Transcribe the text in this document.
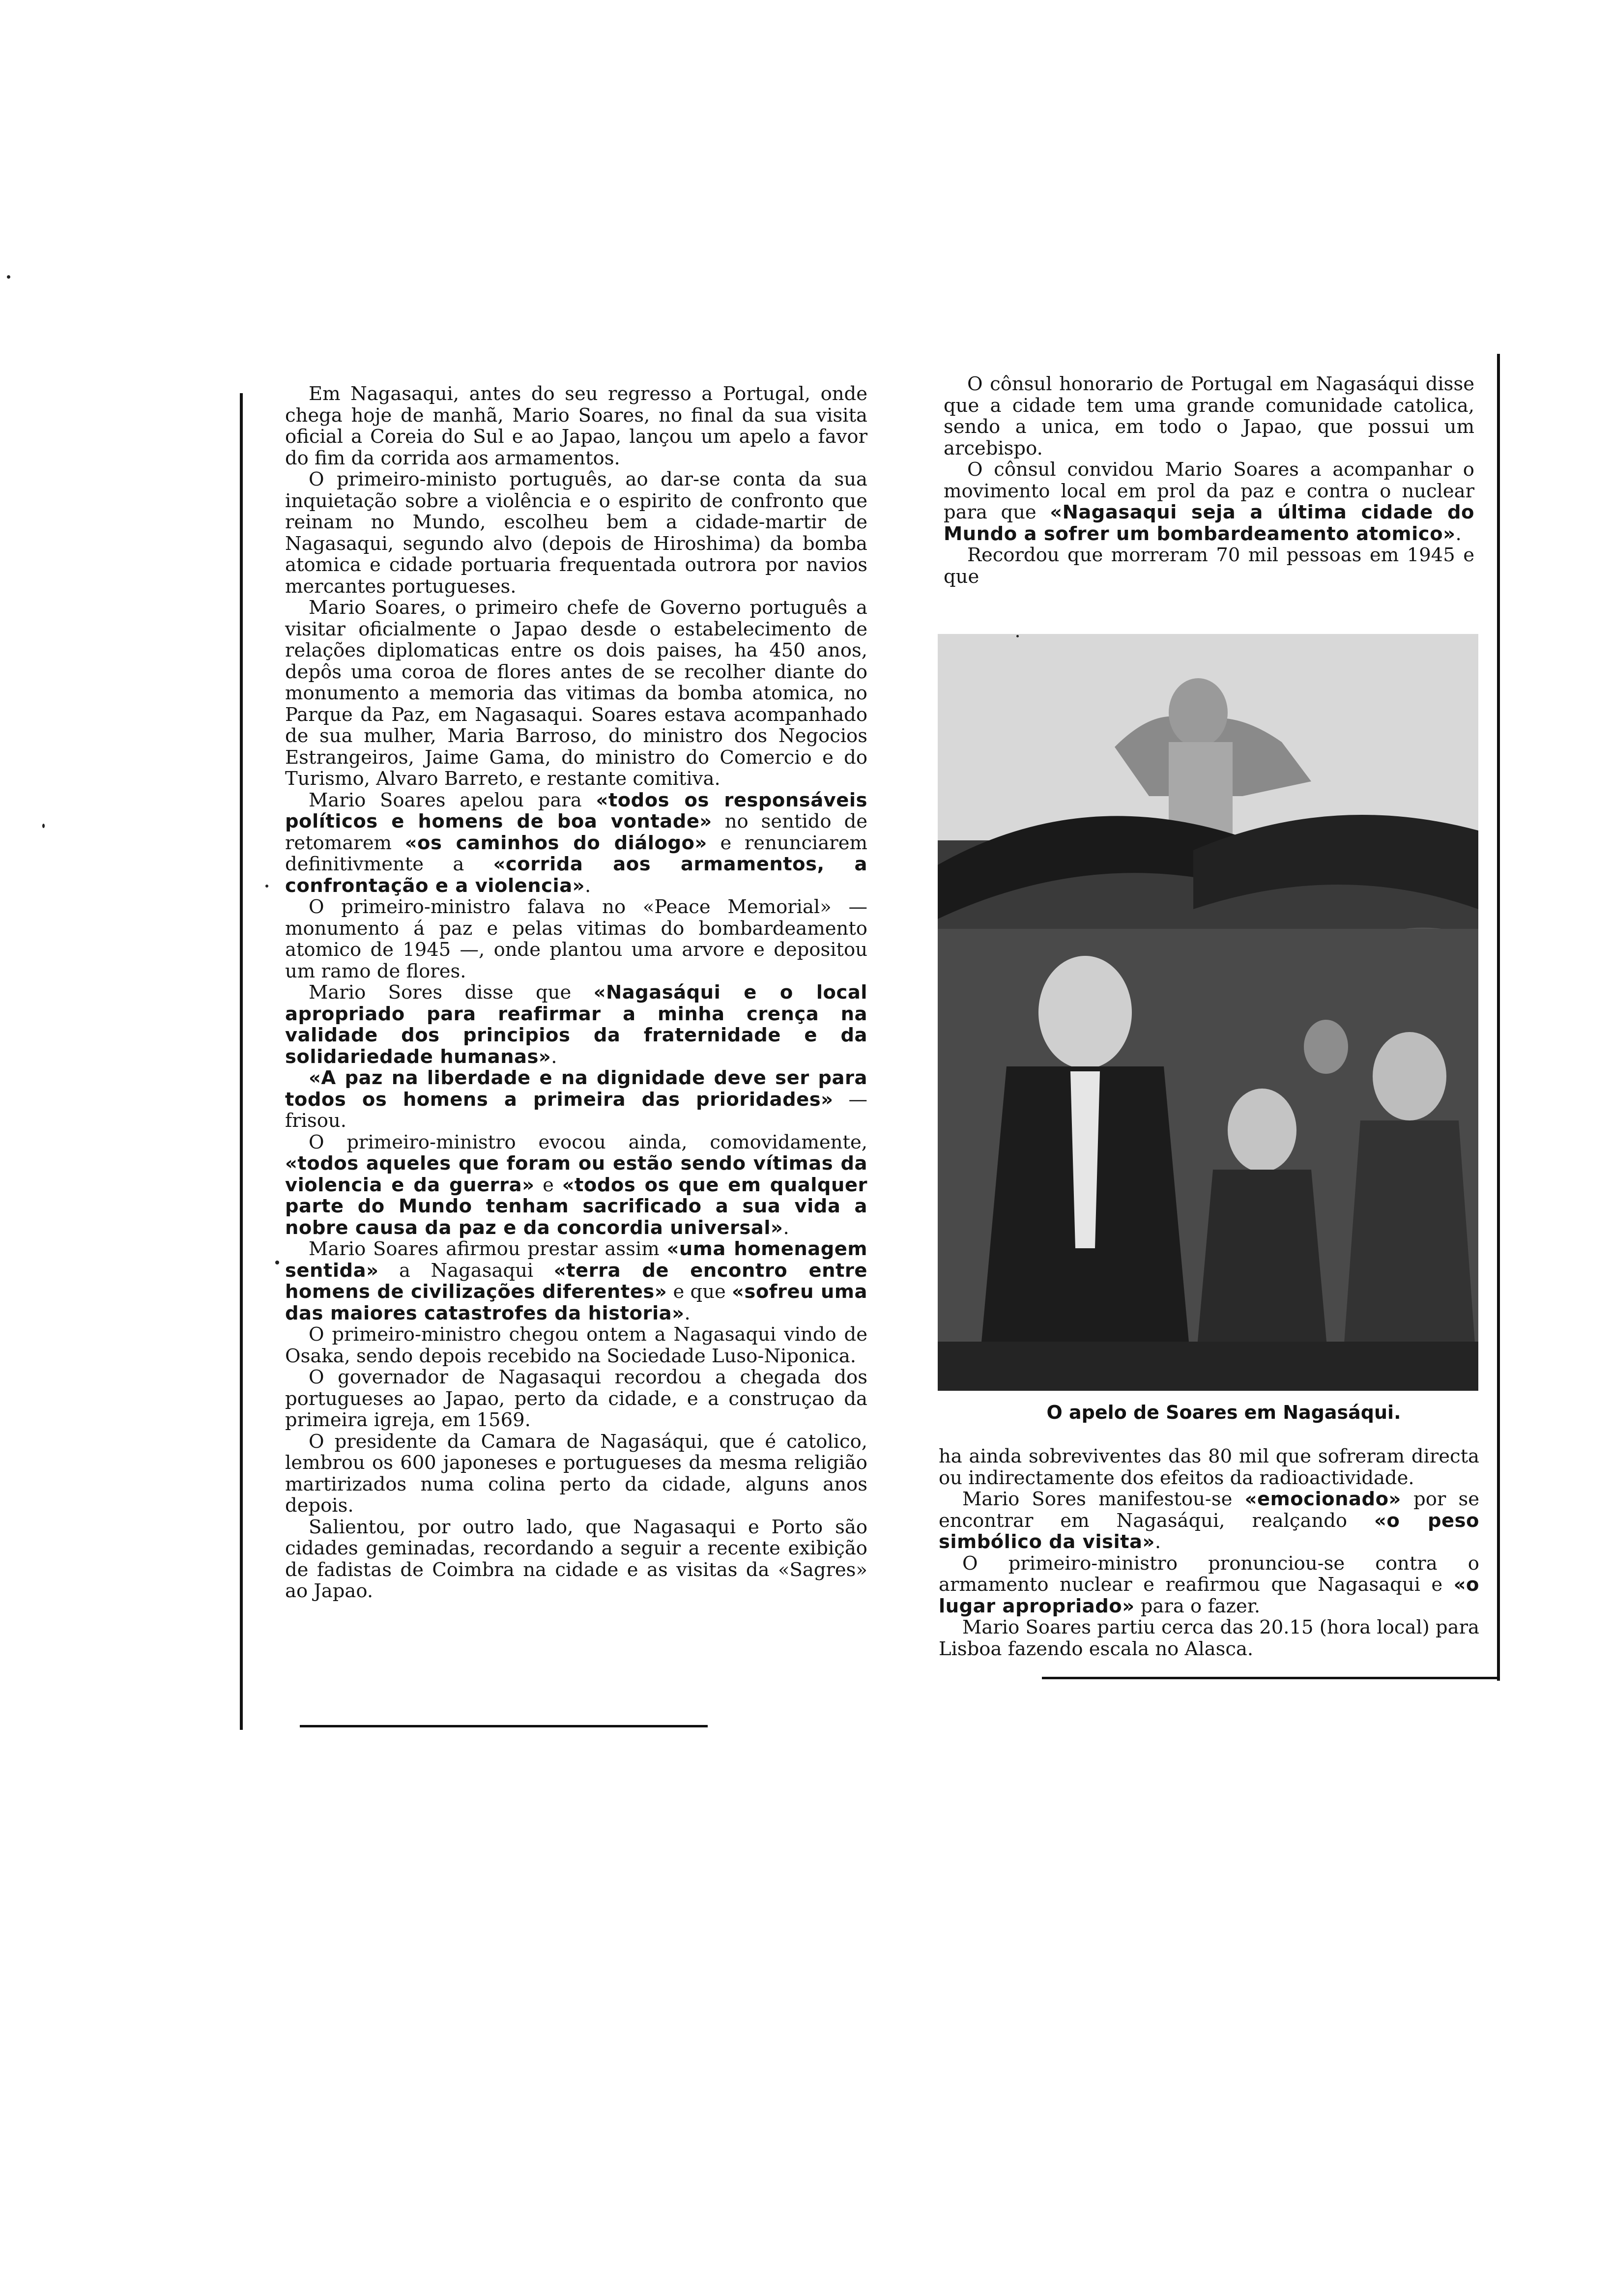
Em Nagasaqui, antes do seu regresso a Portugal, onde chega hoje de manhã, Mario Soares, no final da sua visita oficial a Coreia do Sul e ao Japao, lançou um apelo a favor do fim da corrida aos armamentos.

O primeiro-ministo português, ao dar-se conta da sua inquietação sobre a violência e o espirito de confronto que reinam no Mundo, escolheu bem a cidade-martir de Nagasaqui, segundo alvo (depois de Hiroshima) da bomba atomica e cidade portuaria frequentada outrora por navios mercantes portugueses.

Mario Soares, o primeiro chefe de Governo português a visitar oficialmente o Japao desde o estabelecimento de relações diplomaticas entre os dois paises, ha 450 anos, depôs uma coroa de flores antes de se recolher diante do monumento a memoria das vitimas da bomba atomica, no Parque da Paz, em Nagasaqui. Soares estava acompanhado de sua mulher, Maria Barroso, do ministro dos Negocios Estrangeiros, Jaime Gama, do ministro do Comercio e do Turismo, Alvaro Barreto, e restante comitiva.

Mario Soares apelou para «todos os responsáveis políticos e homens de boa vontade» no sentido de retomarem «os caminhos do diálogo» e renunciarem definitivmente a «corrida aos armamentos, a confrontação e a violencia».

O primeiro-ministro falava no «Peace Memorial» — monumento á paz e pelas vitimas do bombardeamento atomico de 1945 —, onde plantou uma arvore e depositou um ramo de flores.

Mario Sores disse que «Nagasáqui e o local apropriado para reafirmar a minha crença na validade dos principios da fraternidade e da solidariedade humanas».

«A paz na liberdade e na dignidade deve ser para todos os homens a primeira das prioridades» — frisou.

O primeiro-ministro evocou ainda, comovidamente, «todos aqueles que foram ou estão sendo vítimas da violencia e da guerra» e «todos os que em qualquer parte do Mundo tenham sacrificado a sua vida a nobre causa da paz e da concordia universal».

Mario Soares afirmou prestar assim «uma homenagem sentida» a Nagasaqui «terra de encontro entre homens de civilizações diferentes» e que «sofreu uma das maiores catastrofes da historia».

O primeiro-ministro chegou ontem a Nagasaqui vindo de Osaka, sendo depois recebido na Sociedade Luso-Niponica.

O governador de Nagasaqui recordou a chegada dos portugueses ao Japao, perto da cidade, e a construçao da primeira igreja, em 1569.

O presidente da Camara de Nagasáqui, que é catolico, lembrou os 600 japoneses e portugueses da mesma religião martirizados numa colina perto da cidade, alguns anos depois.

Salientou, por outro lado, que Nagasaqui e Porto são cidades geminadas, recordando a seguir a recente exibição de fadistas de Coimbra na cidade e as visitas da «Sagres» ao Japao.

O cônsul honorario de Portugal em Nagasáqui disse que a cidade tem uma grande comunidade catolica, sendo a unica, em todo o Japao, que possui um arcebispo.

O cônsul convidou Mario Soares a acompanhar o movimento local em prol da paz e contra o nuclear para que «Nagasaqui seja a última cidade do Mundo a sofrer um bombardeamento atomico».

Recordou que morreram 70 mil pessoas em 1945 e que

O apelo de Soares em Nagasáqui.

ha ainda sobreviventes das 80 mil que sofreram directa ou indirectamente dos efeitos da radioactividade.

Mario Sores manifestou-se «emocionado» por se encontrar em Nagasáqui, realçando «o peso simbólico da visita».

O primeiro-ministro pronunciou-se contra o armamento nuclear e reafirmou que Nagasaqui e «o lugar apropriado» para o fazer.

Mario Soares partiu cerca das 20.15 (hora local) para Lisboa fazendo escala no Alasca.
